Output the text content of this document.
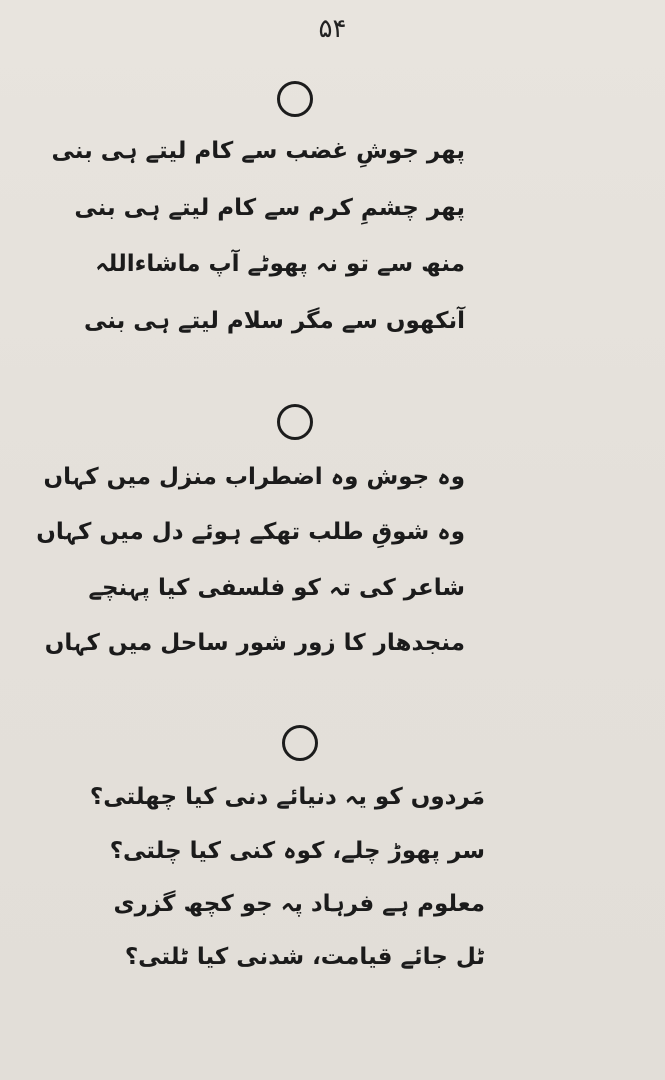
۵۴
پھر جوشِ غضب سے کام لیتے ہی بنی
پھر چشمِ کرم سے کام لیتے ہی بنی
منھ سے تو نہ پھوٹے آپ ماشاءاللہ
آنکھوں سے مگر سلام لیتے ہی بنی
وہ جوش وہ اضطراب منزل میں کہاں
وہ شوقِ طلب تھکے ہوئے دل میں کہاں
شاعر کی تہ کو فلسفی کیا پہنچے
منجدھار کا زور شور ساحل میں کہاں
مَردوں کو یہ دنیائے دنی کیا چھلتی؟
سر پھوڑ چلے، کوہ کنی کیا چلتی؟
معلوم ہے فرہاد پہ جو کچھ گزری
ٹل جائے قیامت، شدنی کیا ٹلتی؟
